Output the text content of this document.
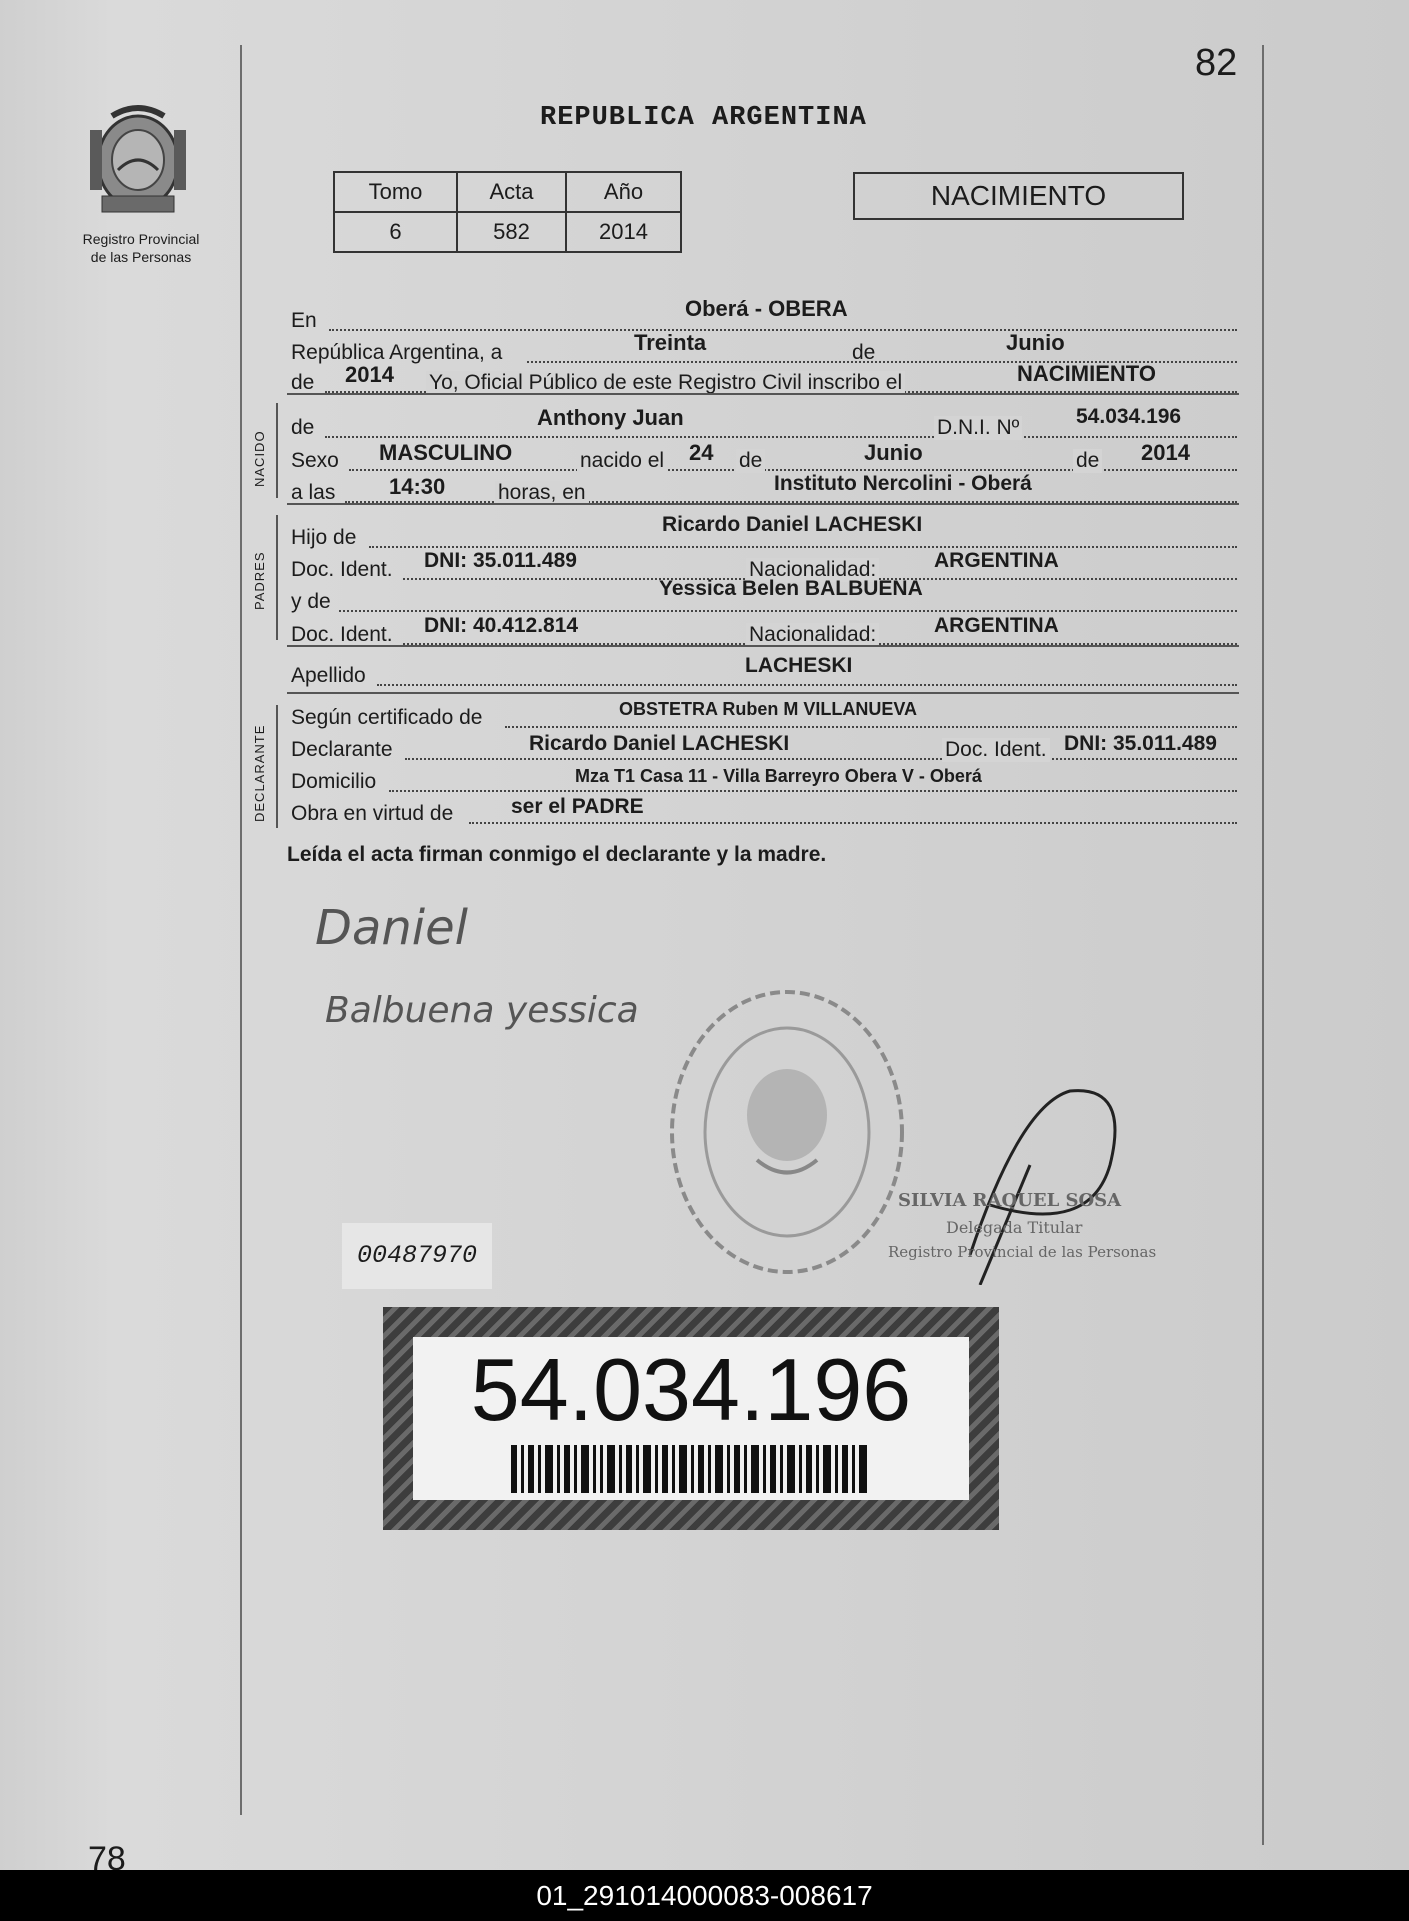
Registro Provincial
de las Personas
82
REPUBLICA ARGENTINA
Tomo	Acta	Año
6	582	2014
NACIMIENTO
En	Oberá - OBERA
República Argentina, a	Treinta	de	Junio
de 2014 Yo, Oficial Público de este Registro Civil inscribo el	NACIMIENTO
NACIDO
de	Anthony Juan	D.N.I. Nº	54.034.196
Sexo MASCULINO	nacido el 24 de	Junio	de 2014
a las 14:30	horas, en	Instituto Nercolini - Oberá
PADRES
Hijo de
Ricardo Daniel LACHESKI
Doc. Ident. DNI: 35.011.489	Nacionalidad:	ARGENTINA
y de
Yessica Belen BALBUENA
Doc. Ident. DNI: 40.412.814	Nacionalidad:	ARGENTINA
Apellido	LACHESKI
DECLARANTE
Según certificado de	OBSTETRA Ruben M VILLANUEVA
Declarante	Ricardo Daniel LACHESKI	Doc. Ident. DNI: 35.011.489
Domicilio	Mza T1 Casa 11 - Villa Barreyro Obera V - Oberá
Obra en virtud de	ser el PADRE
Leída el acta firman conmigo el declarante y la madre.
Daniel
Balbuena yessica
SILVIA RAQUEL SOSA
Delegada Titular
Registro Provincial de las Personas
00487970
54.034.196
78
01_291014000083-008617
